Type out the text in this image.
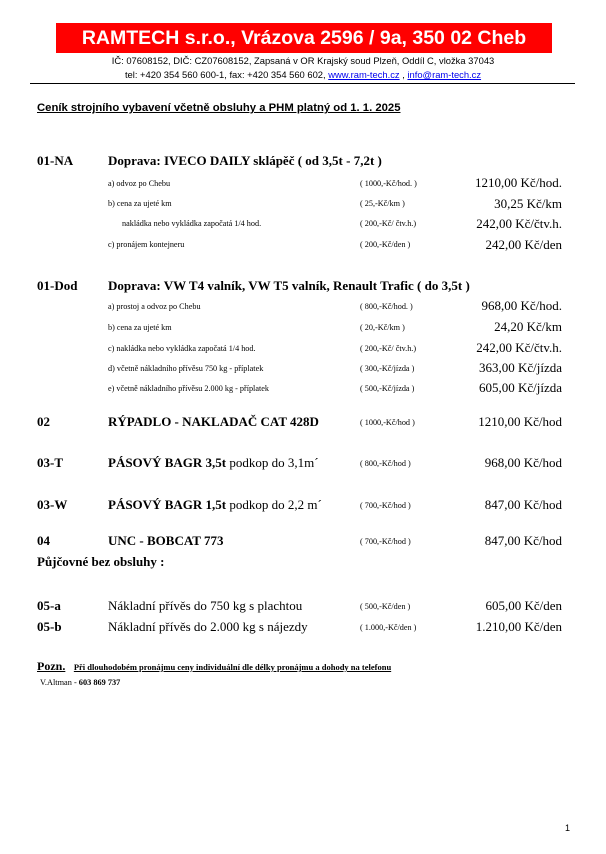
RAMTECH s.r.o., Vrázova 2596 / 9a, 350 02 Cheb
IČ: 07608152, DIČ: CZ07608152, Zapsaná v OR Krajský soud Plzeň, Oddíl C, vložka 37043
tel: +420 354 560 600-1, fax: +420 354 560 602, www.ram-tech.cz , info@ram-tech.cz
Ceník strojního vybavení včetně obsluhy a PHM platný od 1. 1. 2025
01-NA	Doprava: IVECO DAILY sklápěč ( od 3,5t - 7,2t )
a) odvoz po Chebu	( 1000,-Kč/hod. )	1210,00 Kč/hod.
b) cena za ujeté km	( 25,-Kč/km )	30,25 Kč/km
nakládka nebo vykládka započatá 1/4 hod.	( 200,-Kč/ čtv.h.)	242,00 Kč/čtv.h.
c) pronájem kontejneru	( 200,-Kč/den )	242,00 Kč/den
01-Dod Doprava: VW T4 valník, VW T5 valník, Renault Trafic ( do 3,5t )
a) prostoj a odvoz po Chebu	( 800,-Kč/hod. )	968,00 Kč/hod.
b) cena za ujeté km	( 20,-Kč/km )	24,20 Kč/km
c) nakládka nebo vykládka započatá 1/4 hod.	( 200,-Kč/ čtv.h.)	242,00 Kč/čtv.h.
d) včetně nákladního přívěsu 750 kg - příplatek	( 300,-Kč/jízda )	363,00 Kč/jízda
e) včetně nákladního přívěsu 2.000 kg - příplatek	( 500,-Kč/jízda )	605,00 Kč/jízda
02	RÝPADLO - NAKLADAČ CAT 428D	( 1000,-Kč/hod )	1210,00 Kč/hod
03-T	PÁSOVÝ BAGR 3,5t podkop do 3,1m´	( 800,-Kč/hod )	968,00 Kč/hod
03-W	PÁSOVÝ BAGR 1,5t podkop do 2,2 m´	( 700,-Kč/hod )	847,00 Kč/hod
04	UNC - BOBCAT 773	( 700,-Kč/hod )	847,00 Kč/hod
Půjčovné bez obsluhy :
05-a	Nákladní přívěs do 750 kg s plachtou	( 500,-Kč/den )	605,00 Kč/den
05-b	Nákladní přívěs do 2.000 kg s nájezdy	( 1.000,-Kč/den )	1.210,00 Kč/den
Pozn. Při dlouhodobém pronájmu ceny individuální dle délky pronájmu a dohody na telefonu
V.Altman - 603 869 737
1
